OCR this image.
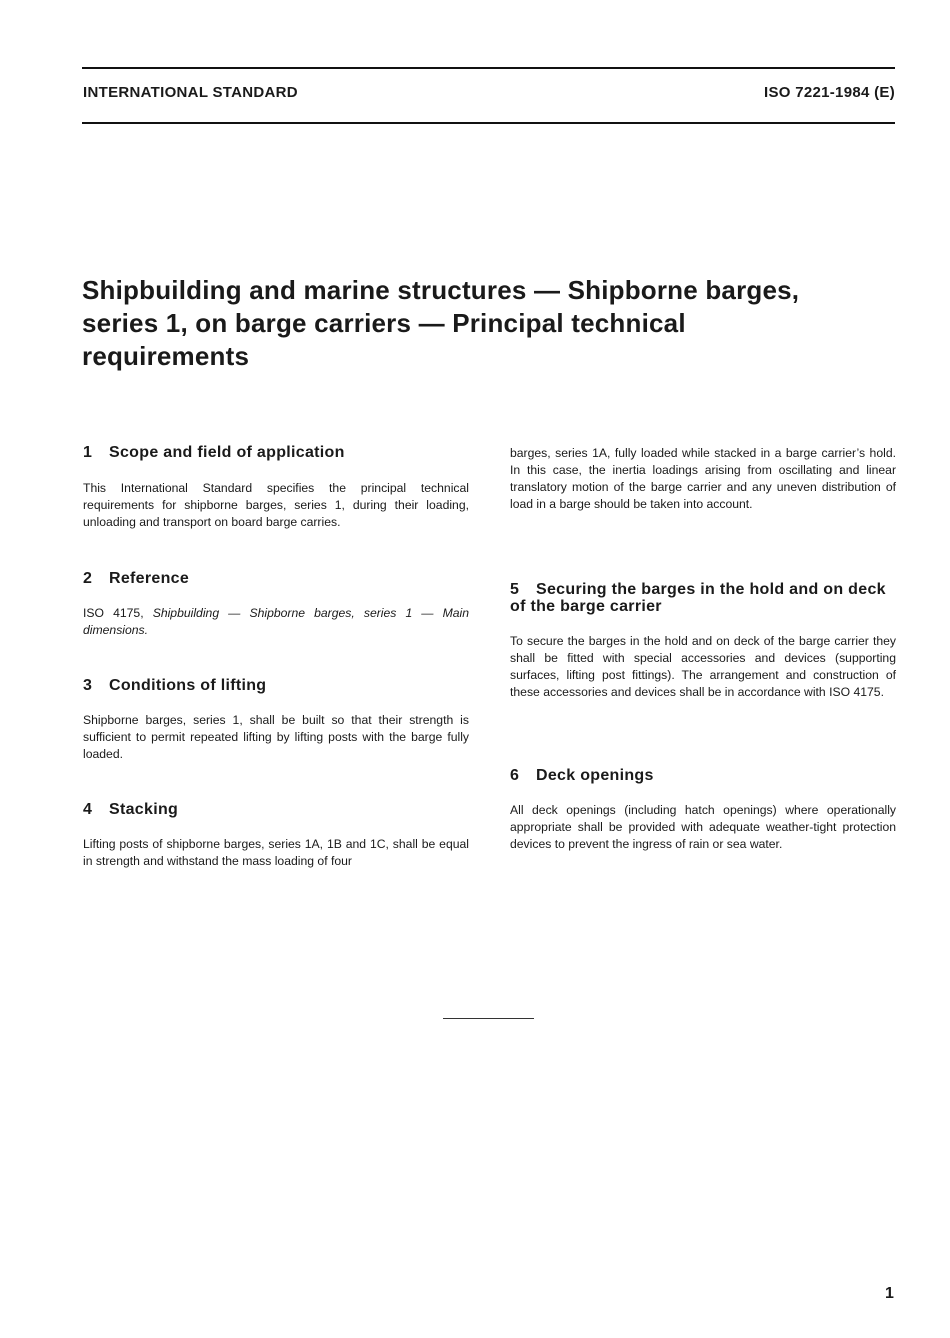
INTERNATIONAL STANDARD	ISO 7221-1984 (E)
Shipbuilding and marine structures — Shipborne barges,
series 1, on barge carriers — Principal technical
requirements
1 Scope and field of application

This International Standard specifies the principal technical requirements for shipborne barges, series 1, during their loading, unloading and transport on board barge carries.

2 Reference

ISO 4175, Shipbuilding — Shipborne barges, series 1 — Main dimensions.

3 Conditions of lifting

Shipborne barges, series 1, shall be built so that their strength is sufficient to permit repeated lifting by lifting posts with the barge fully loaded.

4 Stacking

Lifting posts of shipborne barges, series 1A, 1B and 1C, shall be equal in strength and withstand the mass loading of four

barges, series 1A, fully loaded while stacked in a barge carrier’s hold. In this case, the inertia loadings arising from oscillating and linear translatory motion of the barge carrier and any uneven distribution of load in a barge should be taken into account.

5 Securing the barges in the hold and on deck of the barge carrier

To secure the barges in the hold and on deck of the barge carrier they shall be fitted with special accessories and devices (supporting surfaces, lifting post fittings). The arrangement and construction of these accessories and devices shall be in accordance with ISO 4175.

6 Deck openings

All deck openings (including hatch openings) where operationally appropriate shall be provided with adequate weather-tight protection devices to prevent the ingress of rain or sea water.

1
